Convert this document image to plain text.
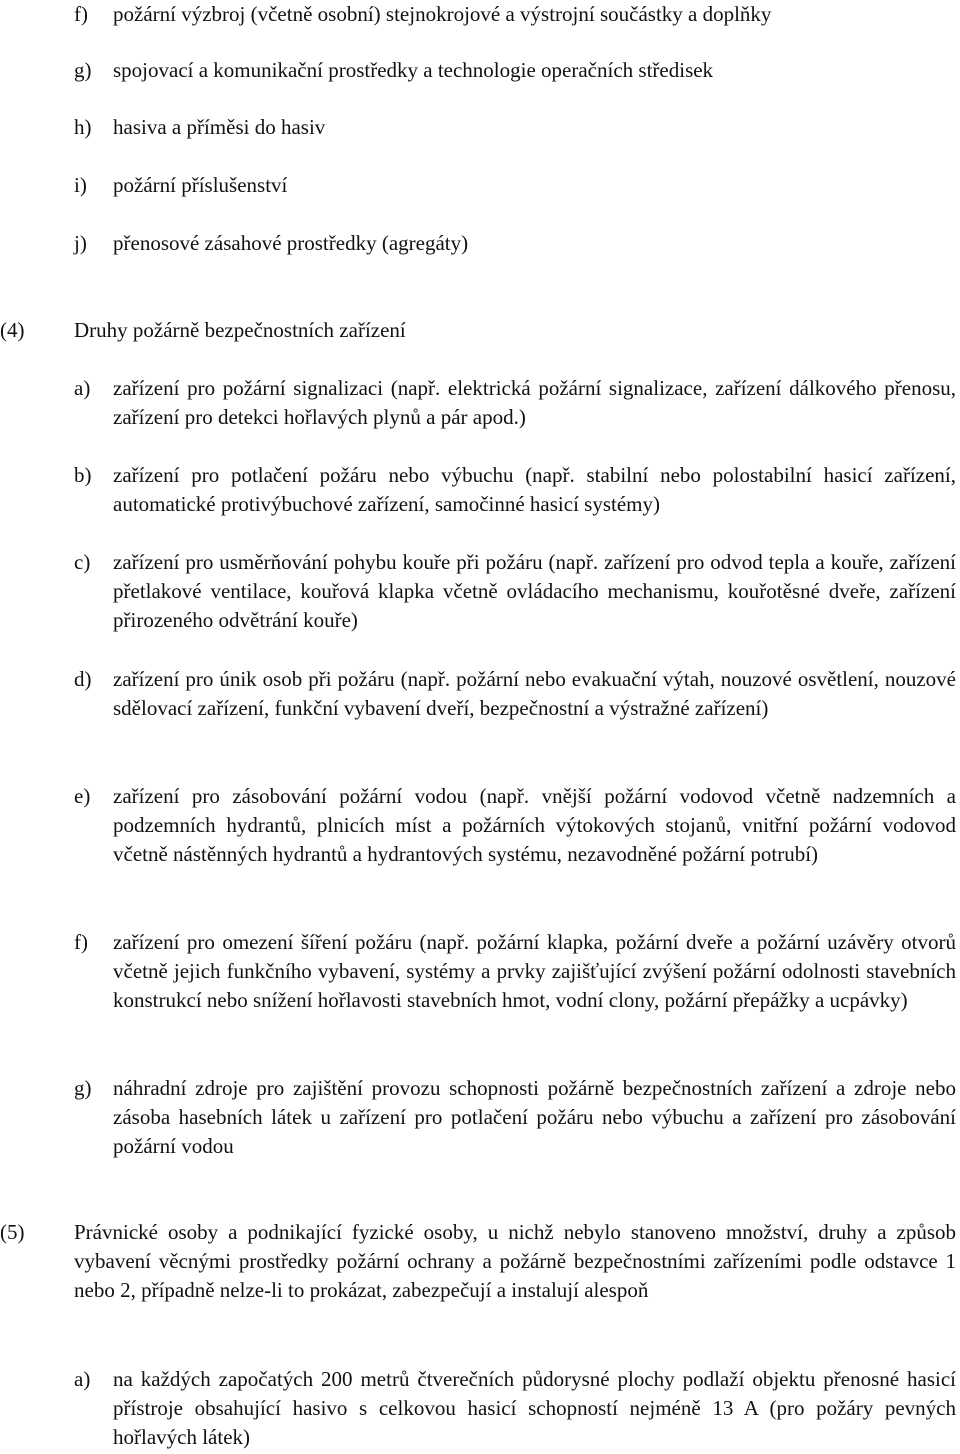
f) požární výzbroj (včetně osobní) stejnokrojové a výstrojní součástky a doplňky
g) spojovací a komunikační prostředky a technologie operačních středisek
h) hasiva a příměsi do hasiv
i) požární příslušenství
j) přenosové zásahové prostředky (agregáty)
(4) Druhy požárně bezpečnostních zařízení
a) zařízení pro požární signalizaci (např. elektrická požární signalizace, zařízení dálkového přenosu, zařízení pro detekci hořlavých plynů a pár apod.)
b) zařízení pro potlačení požáru nebo výbuchu (např. stabilní nebo polostabilní hasicí zařízení, automatické protivýbuchové zařízení, samočinné hasicí systémy)
c) zařízení pro usměrňování pohybu kouře při požáru (např. zařízení pro odvod tepla a kouře, zařízení přetlakové ventilace, kouřová klapka včetně ovládacího mechanismu, kouřotěsné dveře, zařízení přirozeného odvětrání kouře)
d) zařízení pro únik osob při požáru (např. požární nebo evakuační výtah, nouzové osvětlení, nouzové sdělovací zařízení, funkční vybavení dveří, bezpečnostní a výstražné zařízení)
e) zařízení pro zásobování požární vodou (např. vnější požární vodovod včetně nadzemních a podzemních hydrantů, plnicích míst a požárních výtokových stojanů, vnitřní požární vodovod včetně nástěnných hydrantů a hydrantových systému, nezavodněné požární potrubí)
f) zařízení pro omezení šíření požáru (např. požární klapka, požární dveře a požární uzávěry otvorů včetně jejich funkčního vybavení, systémy a prvky zajišťující zvýšení požární odolnosti stavebních konstrukcí nebo snížení hořlavosti stavebních hmot, vodní clony, požární přepážky a ucpávky)
g) náhradní zdroje pro zajištění provozu schopnosti požárně bezpečnostních zařízení a zdroje nebo zásoba hasebních látek u zařízení pro potlačení požáru nebo výbuchu a zařízení pro zásobování požární vodou
(5) Právnické osoby a podnikající fyzické osoby, u nichž nebylo stanoveno množství, druhy a způsob vybavení věcnými prostředky požární ochrany a požárně bezpečnostními zařízeními podle odstavce 1 nebo 2, případně nelze-li to prokázat, zabezpečují a instalují alespoň
a) na každých započatých 200 metrů čtverečních půdorysné plochy podlaží objektu přenosné hasicí přístroje obsahující hasivo s celkovou hasicí schopností nejméně 13 A (pro požáry pevných hořlavých látek)
